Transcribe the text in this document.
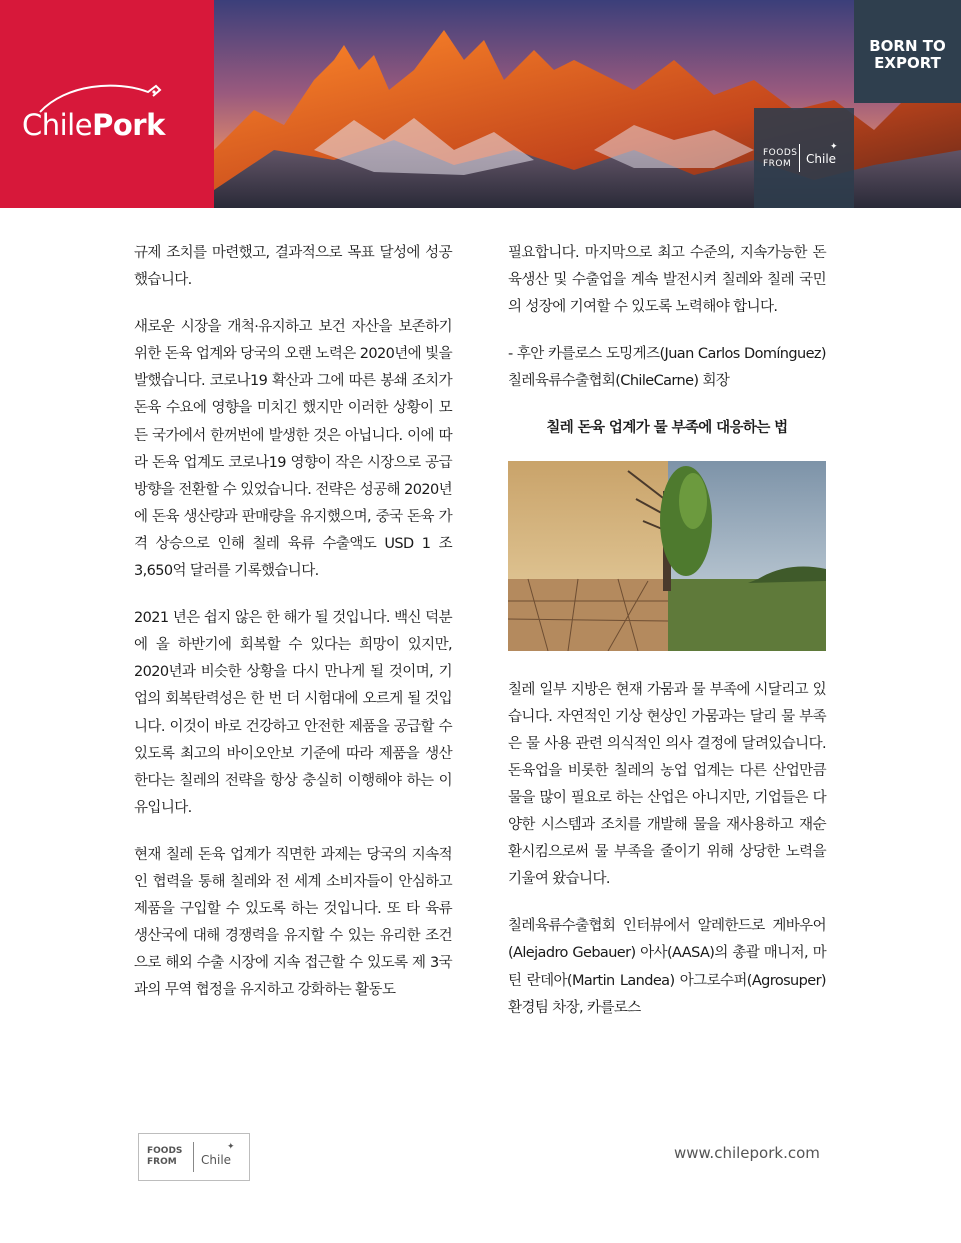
ChilePork
BORN TO
EXPORT
FOODS
FROM	Chile
✦

규제 조치를 마련했고, 결과적으로 목표 달성에 성공했습니다.

새로운 시장을 개척·유지하고 보건 자산을 보존하기 위한 돈육 업계와 당국의 오랜 노력은 2020년에 빛을 발했습니다. 코로나19 확산과 그에 따른 봉쇄 조치가 돈육 수요에 영향을 미치긴 했지만 이러한 상황이 모든 국가에서 한꺼번에 발생한 것은 아닙니다. 이에 따라 돈육 업계도 코로나19 영향이 작은 시장으로 공급 방향을 전환할 수 있었습니다. 전략은 성공해 2020년에 돈육 생산량과 판매량을 유지했으며, 중국 돈육 가격 상승으로 인해 칠레 육류 수출액도 USD 1 조 3,650억 달러를 기록했습니다.

2021 년은 쉽지 않은 한 해가 될 것입니다. 백신 덕분에 올 하반기에 회복할 수 있다는 희망이 있지만, 2020년과 비슷한 상황을 다시 만나게 될 것이며, 기업의 회복탄력성은 한 번 더 시험대에 오르게 될 것입니다. 이것이 바로 건강하고 안전한 제품을 공급할 수 있도록 최고의 바이오안보 기준에 따라 제품을 생산한다는 칠레의 전략을 항상 충실히 이행해야 하는 이유입니다.

현재 칠레 돈육 업계가 직면한 과제는 당국의 지속적인 협력을 통해 칠레와 전 세계 소비자들이 안심하고 제품을 구입할 수 있도록 하는 것입니다. 또 타 육류 생산국에 대해 경쟁력을 유지할 수 있는 유리한 조건으로 해외 수출 시장에 지속 접근할 수 있도록 제 3국과의 무역 협정을 유지하고 강화하는 활동도

필요합니다. 마지막으로 최고 수준의, 지속가능한 돈육생산 및 수출업을 계속 발전시켜 칠레와 칠레 국민의 성장에 기여할 수 있도록 노력해야 합니다.

- 후안 카를로스 도밍게즈(Juan Carlos Domínguez) 칠레육류수출협회(ChileCarne) 회장

칠레 돈육 업계가 물 부족에 대응하는 법

칠레 일부 지방은 현재 가뭄과 물 부족에 시달리고 있습니다. 자연적인 기상 현상인 가뭄과는 달리 물 부족은 물 사용 관련 의식적인 의사 결정에 달려있습니다. 돈육업을 비롯한 칠레의 농업 업계는 다른 산업만큼 물을 많이 필요로 하는 산업은 아니지만, 기업들은 다양한 시스템과 조치를 개발해 물을 재사용하고 재순환시킴으로써 물 부족을 줄이기 위해 상당한 노력을 기울여 왔습니다.

칠레육류수출협회 인터뷰에서 알레한드로 게바우어(Alejadro Gebauer) 아사(AASA)의 총괄 매니저, 마틴 란데아(Martin Landea) 아그로수퍼(Agrosuper) 환경팀 차장, 카를로스

FOODS
FROM	Chile
✦	www.chilepork.com
